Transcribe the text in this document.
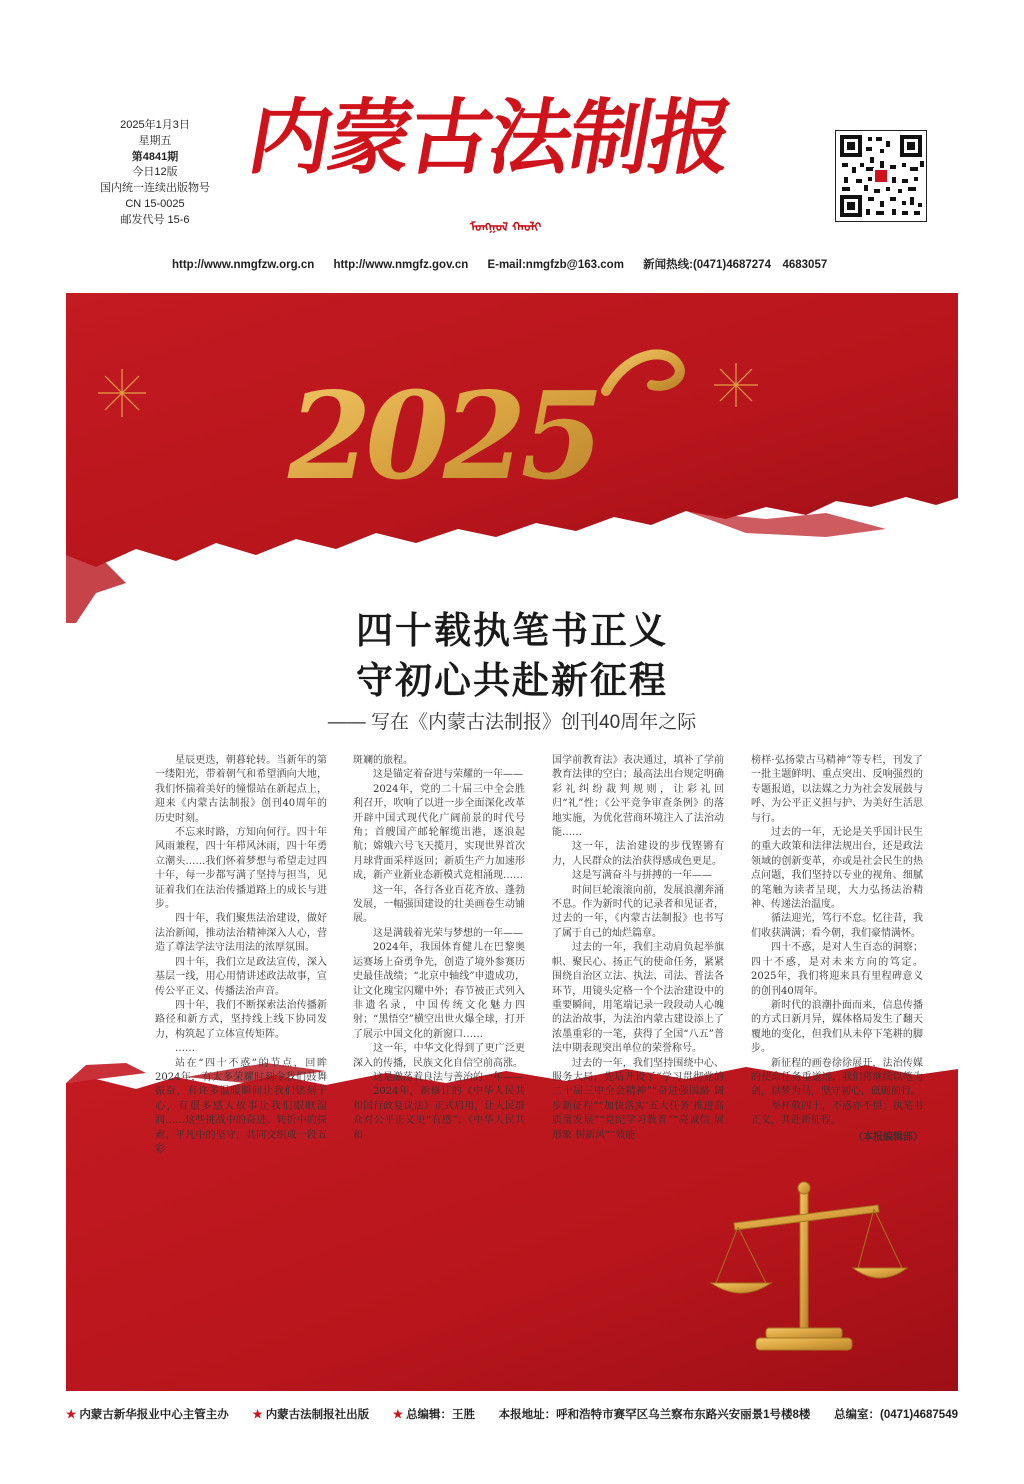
2025年1月3日
星期五
第4841期
今日12版
国内统一连续出版物号
CN 15-0025
邮发代号 15-6
内蒙古法制报
ᠮᠤᠩᠭᠤᠯ ᠬᠠᠤᠯᠢ
http://www.nmgfzw.org.cn http://www.nmgfz.gov.cn E-mail:nmgfzb@163.com 新闻热线:(0471)4687274　4683057
2025
四十载执笔书正义
守初心共赴新征程
—— 写在《内蒙古法制报》创刊40周年之际

星辰更迭，朝暮轮转。当新年的第一缕阳光，带着朝气和希望洒向大地，我们怀揣着美好的憧憬站在新起点上，迎来《内蒙古法制报》创刊40周年的历史时刻。

不忘来时路，方知向何行。四十年风雨兼程，四十年栉风沐雨，四十年勇立潮头……我们怀着梦想与希望走过四十年，每一步都写满了坚持与担当，见证着我们在法治传播道路上的成长与进步。

四十年，我们聚焦法治建设，做好法治新闻，推动法治精神深入人心，营造了尊法学法守法用法的浓厚氛围。

四十年，我们立足政法宣传，深入基层一线，用心用情讲述政法故事，宣传公平正义、传播法治声音。

四十年，我们不断探索法治传播新路径和新方式，坚持线上线下协同发力，构筑起了立体宣传矩阵。

……

站在“四十不惑”的节点，回眸2024年，有太多荣耀时刻令我们鼓舞振奋，有许多温暖瞬间让我们铭刻于心，有很多感人故事让我们眼眶湿润……这些挑战中的奋进、转折中的探索、平凡中的坚守，共同交织成一段五彩

斑斓的旅程。

这是锚定着奋进与荣耀的一年——

2024年，党的二十届三中全会胜利召开，吹响了以进一步全面深化改革开辟中国式现代化广阔前景的时代号角；首艘国产邮轮解缆出港，逐浪起航；嫦娥六号飞天揽月，实现世界首次月球背面采样返回；新质生产力加速形成，新产业新业态新模式竞相涌现……

这一年，各行各业百花齐放、蓬勃发展，一幅强国建设的壮美画卷生动铺展。

这是满载着光荣与梦想的一年——

2024年，我国体育健儿在巴黎奥运赛场上奋勇争先，创造了境外参赛历史最佳战绩；“北京中轴线”申遗成功，让文化瑰宝闪耀中外；春节被正式列入非遗名录，中国传统文化魅力四射；“黑悟空”横空出世火爆全球，打开了展示中国文化的新窗口……

这一年，中华文化得到了更广泛更深入的传播，民族文化自信空前高涨。

这是激荡着良法与善治的一年——

2024年，新修订的《中华人民共和国行政复议法》正式启用，让人民群众对公平正义更“有感”；《中华人民共和

国学前教育法》表决通过，填补了学前教育法律的空白；最高法出台规定明确彩礼纠纷裁判规则，让彩礼回归“礼”性；《公平竞争审查条例》的落地实施，为优化营商环境注入了法治动能……

这一年，法治建设的步伐铿锵有力，人民群众的法治获得感成色更足。

这是写满奋斗与拼搏的一年——

时间巨轮滚滚向前，发展浪潮奔涌不息。作为新时代的记录者和见证者，过去的一年，《内蒙古法制报》也书写了属于自己的灿烂篇章。

过去的一年，我们主动肩负起举旗帜、聚民心、扬正气的使命任务，紧紧围绕自治区立法、执法、司法、普法各环节，用镜头定格一个个法治建设中的重要瞬间，用笔端记录一段段动人心魄的法治故事，为法治内蒙古建设添上了浓墨重彩的一笔，获得了全国“八五”普法中期表现突出单位的荣誉称号。

过去的一年，我们坚持围绕中心、服务大局，先后开设了“学习贯彻党的二十届三中全会精神”“奋进强国路 阔步新征程”“加快落实‘五大任务’推进高质量发展”“党纪学习教育”“亮诚信 展形象 树新风”“效能

榜样·弘扬蒙古马精神”等专栏，刊发了一批主题鲜明、重点突出、反响强烈的专题报道，以法媒之力为社会发展鼓与呼、为公平正义担与护、为美好生活思与行。

过去的一年，无论是关乎国计民生的重大政策和法律法规出台，还是政法领域的创新变革，亦或是社会民生的热点问题，我们坚持以专业的视角、细腻的笔触为读者呈现，大力弘扬法治精神、传递法治温度。

循法迎光，笃行不怠。忆往昔，我们收获满满；看今朝，我们豪情满怀。

四十不惑，是对人生百态的洞察；四十不惑，是对未来方向的笃定。2025年，我们将迎来具有里程碑意义的创刊40周年。

新时代的浪潮扑面而来，信息传播的方式日新月异，媒体格局发生了翻天覆地的变化，但我们从未停下笔耕的脚步。

新征程的画卷徐徐展开，法治传媒的使命任务重道远，我们将继续以笔为剑，以梦为马，坚守初心，砥砺前行。

举杯敬四十，不惑亦不惧；执笔书正义，共赴新征程。

（本报编辑部）
★ 内蒙古新华报业中心主管主办 ★ 内蒙古法制报社出版 ★ 总编辑：王胜 本报地址：呼和浩特市赛罕区乌兰察布东路兴安丽景1号楼8楼 总编室：(0471)4687549
